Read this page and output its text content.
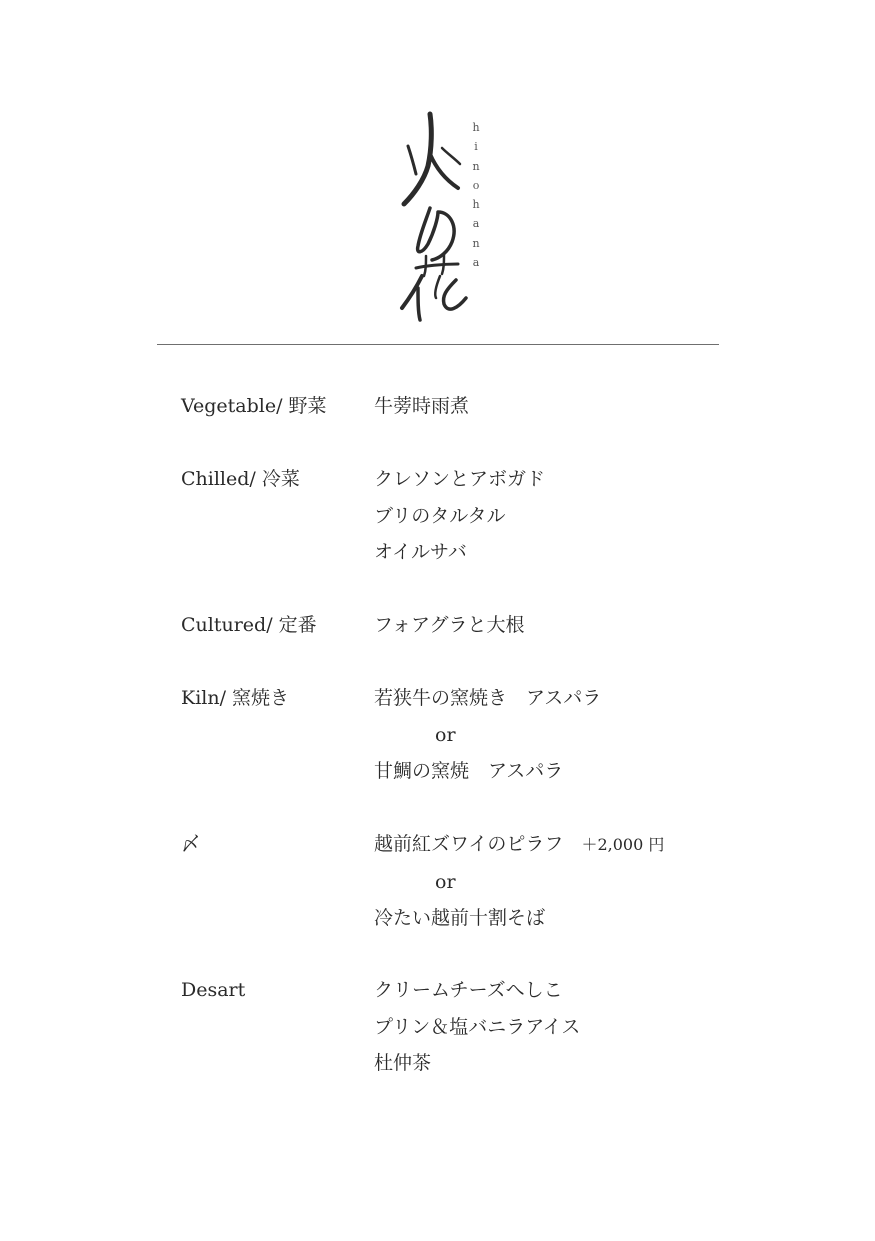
h
i
n
o
h
a
n
a
Vegetable/ 野菜	牛蒡時雨煮
Chilled/ 冷菜	クレソンとアボガド
ブリのタルタル
オイルサバ
Cultured/ 定番	フォアグラと大根
Kiln/ 窯焼き	若狭牛の窯焼き　アスパラ
or
甘鯛の窯焼　アスパラ
〆	越前紅ズワイのピラフ ＋2,000 円
or
冷たい越前十割そば
Desart	クリームチーズへしこ
プリン＆塩バニラアイス
杜仲茶
